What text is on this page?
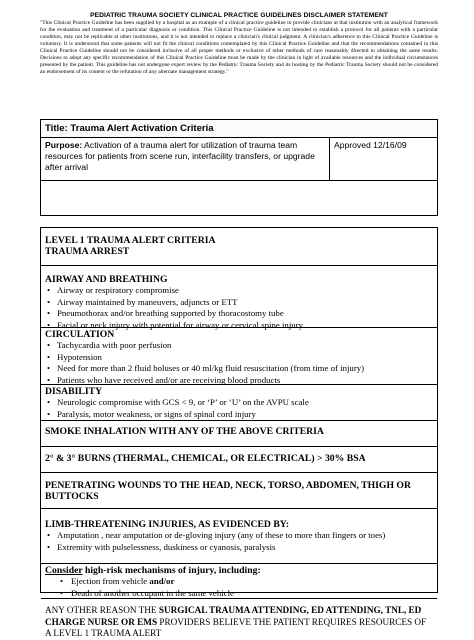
PEDIATRIC TRAUMA SOCIETY CLINICAL PRACTICE GUIDELINES DISCLAIMER STATEMENT
"This Clinical Practice Guideline has been supplied by a hospital as an example of a clinical practice guideline to provide clinicians at that institution with an analytical framework for the evaluation and treatment of a particular diagnosis or condition. This Clinical Practice Guideline is not intended to establish a protocol for all patients with a particular condition, may not be replicable at other institutions, and it is not intended to replace a clinician's clinical judgment. A clinician's adherence to this Clinical Practice Guideline is voluntary. It is understood that some patients will not fit the clinical conditions contemplated by this Clinical Practice Guideline and that the recommendations contained in this Clinical Practice Guideline should not be considered inclusive of all proper methods or exclusive of other methods of care reasonably directed to obtaining the same results. Decisions to adopt any specific recommendation of this Clinical Practice Guideline must be made by the clinician in light of available resources and the individual circumstances presented by the patient. This guideline has not undergone expert review by the Pediatric Trauma Society and its hosting by the Pediatric Trauma Society should not be considered an endorsement of its content or the refutation of any alternate management strategy."
Title: Trauma Alert Activation Criteria
Purpose: Activation of a trauma alert for utilization of trauma team resources for patients from scene run, interfacility transfers, or upgrade after arrival
Approved 12/16/09
LEVEL 1 TRAUMA ALERT CRITERIA
TRAUMA ARREST
AIRWAY AND BREATHING
• Airway or respiratory compromise
• Airway maintained by maneuvers, adjuncts or ETT
• Pneumothorax and/or breathing supported by thoracostomy tube
• Facial or neck injury with potential for airway or cervical spine injury
CIRCULATION
• Tachycardia with poor perfusion
• Hypotension
• Need for more than 2 fluid boluses or 40 ml/kg fluid resuscitation (from time of injury)
• Patients who have received and/or are receiving blood products
DISABILITY
• Neurologic compromise with GCS < 9, or ‘P’ or ‘U’ on the AVPU scale
• Paralysis, motor weakness, or signs of spinal cord injury
SMOKE INHALATION WITH ANY OF THE ABOVE CRITERIA
2° & 3° BURNS (THERMAL, CHEMICAL, OR ELECTRICAL) > 30% BSA
PENETRATING WOUNDS TO THE HEAD, NECK, TORSO, ABDOMEN, THIGH OR BUTTOCKS
LIMB-THREATENING INJURIES, AS EVIDENCED BY:
• Amputation , near amputation or de-gloving injury (any of these to more than fingers or toes)
• Extremity with pulselessness, duskiness or cyanosis, paralysis
Consider high-risk mechanisms of injury, including:
• Ejection from vehicle and/or
• Death of another occupant in the same vehicle
ANY OTHER REASON THE SURGICAL TRAUMA ATTENDING, ED ATTENDING, TNL, ED CHARGE NURSE OR EMS PROVIDERS BELIEVE THE PATIENT REQUIRES RESOURCES OF A LEVEL 1 TRAUMA ALERT
